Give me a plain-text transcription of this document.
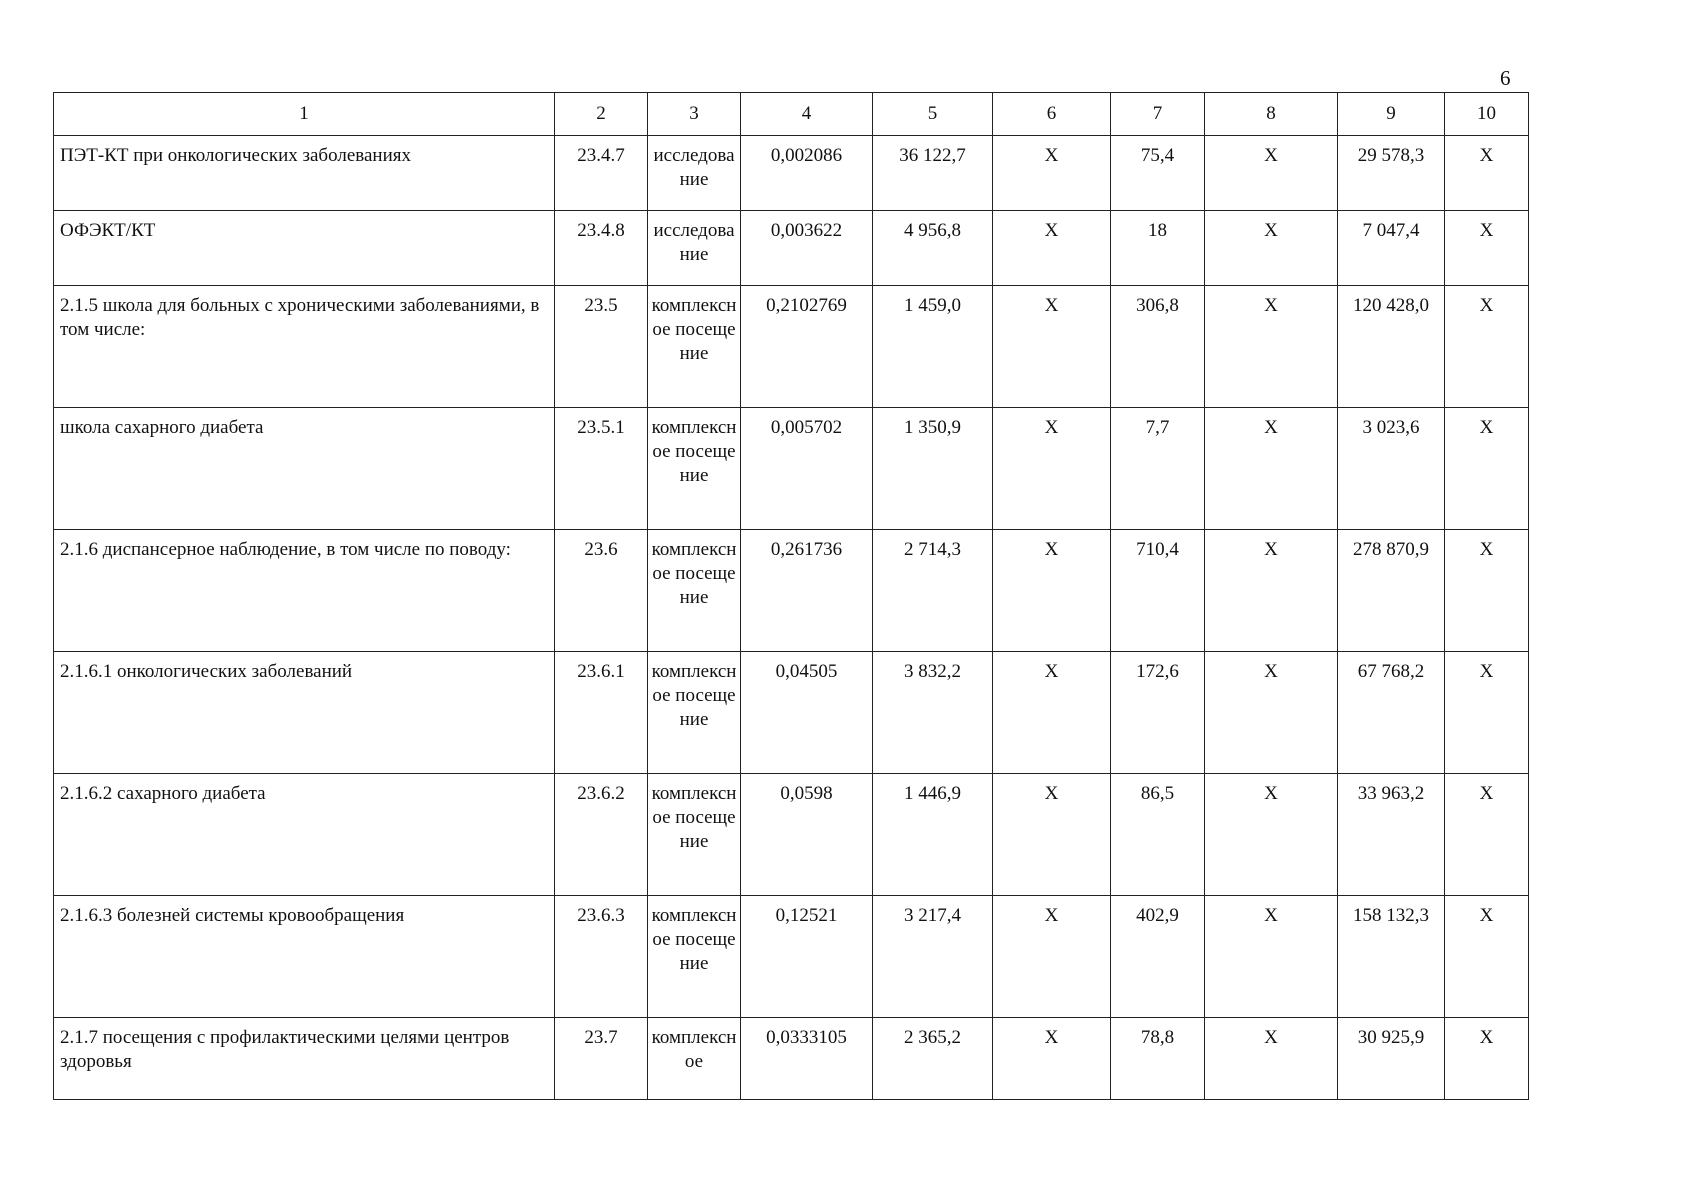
6
1	2	3	4	5	6	7	8	9	10
ПЭТ-КТ при онкологических заболеваниях	23.4.7	исследование	0,002086	36 122,7	X	75,4	X	29 578,3	X
ОФЭКТ/КТ	23.4.8	исследование	0,003622	4 956,8	X	18	X	7 047,4	X
2.1.5 школа для больных с хроническими заболеваниями, в том числе:	23.5	комплексное посещение	0,2102769	1 459,0	X	306,8	X	120 428,0	X
школа сахарного диабета	23.5.1	комплексное посещение	0,005702	1 350,9	X	7,7	X	3 023,6	X
2.1.6 диспансерное наблюдение, в том числе по поводу:	23.6	комплексное посещение	0,261736	2 714,3	X	710,4	X	278 870,9	X
2.1.6.1 онкологических заболеваний	23.6.1	комплексное посещение	0,04505	3 832,2	X	172,6	X	67 768,2	X
2.1.6.2 сахарного диабета	23.6.2	комплексное посещение	0,0598	1 446,9	X	86,5	X	33 963,2	X
2.1.6.3 болезней системы кровообращения	23.6.3	комплексное посещение	0,12521	3 217,4	X	402,9	X	158 132,3	X
2.1.7 посещения с профилактическими целями центров здоровья	23.7	комплексное	0,0333105	2 365,2	X	78,8	X	30 925,9	X
